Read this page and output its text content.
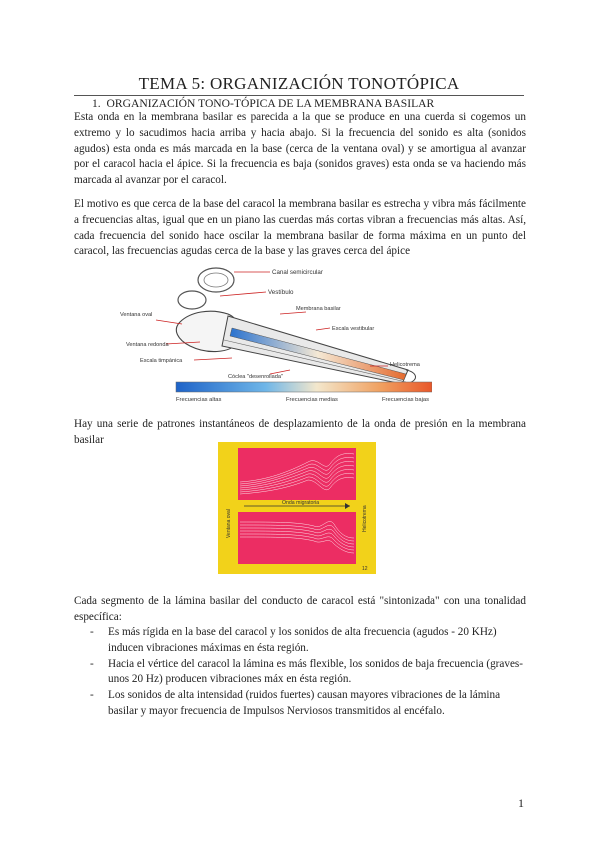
TEMA 5: ORGANIZACIÓN TONOTÓPICA
1. ORGANIZACIÓN TONO-TÓPICA DE LA MEMBRANA BASILAR
Esta onda en la membrana basilar es parecida a la que se produce en una cuerda si cogemos un extremo y lo sacudimos hacia arriba y hacia abajo. Si la frecuencia del sonido es alta (sonidos agudos) esta onda es más marcada en la base (cerca de la ventana oval) y se amortigua al avanzar por el caracol hacia el ápice. Si la frecuencia es baja (sonidos graves) esta onda se va haciendo más marcada al avanzar por el caracol.
El motivo es que cerca de la base del caracol la membrana basilar es estrecha y vibra más fácilmente a frecuencias altas, igual que en un piano las cuerdas más cortas vibran a frecuencias más altas. Así, cada frecuencia del sonido hace oscilar la membrana basilar de forma máxima en un punto del caracol, las frecuencias agudas cerca de la base y las graves cerca del ápice
Canal semicircular
Vestíbulo
Ventana oval
Membrana basilar
Escala vestibular
Ventana redonda
Escala timpánica
Helicotrema
Cóclea "desenrollada"
Frecuencias altas	Frecuencias medias	Frecuencias bajas
Hay una serie de patrones instantáneos de desplazamiento de la onda de presión en la membrana basilar
Onda migratoria
Ventana oval	Helicotrema
12
Cada segmento de la lámina basilar del conducto de caracol está "sintonizada" con una tonalidad específica:
- Es más rígida en la base del caracol y los sonidos de alta frecuencia (agudos - 20 KHz) inducen vibraciones máximas en ésta región.
- Hacia el vértice del caracol la lámina es más flexible, los sonidos de baja frecuencia (graves- unos 20 Hz) producen vibraciones máx en ésta región.
- Los sonidos de alta intensidad (ruidos fuertes) causan mayores vibraciones de la lámina basilar y mayor frecuencia de Impulsos Nerviosos transmitidos al encéfalo.
1
